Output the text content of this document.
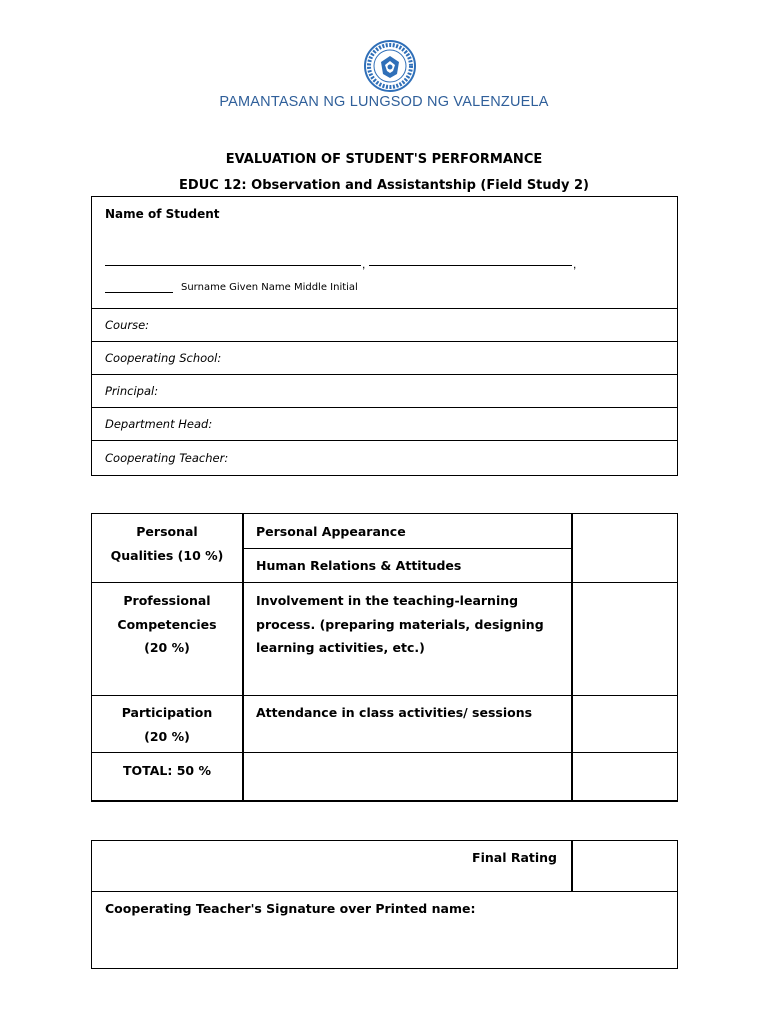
PAMANTASAN NG LUNGSOD NG VALENZUELA
EVALUATION OF STUDENT'S PERFORMANCE
EDUC 12: Observation and Assistantship (Field Study 2)
Name of Student
,	,
Surname Given Name Middle Initial
Course:
Cooperating School:
Principal:
Department Head:
Cooperating Teacher:
Personal
Qualities (10 %)
Personal Appearance
Human Relations & Attitudes
Professional
Competencies
(20 %)
Involvement in the teaching-learning
process. (preparing materials, designing
learning activities, etc.)
Participation
(20 %)
Attendance in class activities/ sessions
TOTAL: 50 %
Final Rating
Cooperating Teacher's Signature over Printed name:
